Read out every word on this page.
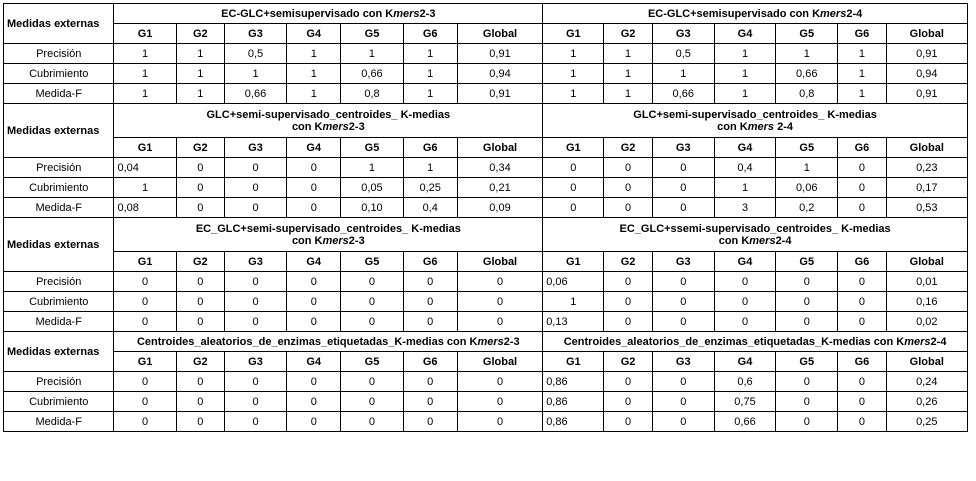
Medidas externas	EC-GLC+semisupervisado con Kmers2-3							EC-GLC+semisupervisado con Kmers2-4						

	G1	G2	G3	G4	G5	G6	Global	G1	G2	G3	G4	G5	G6	Global
Precisión	1	1	0,5	1	1	1	0,91	1	1	0,5	1	1	1	0,91
Cubrimiento	1	1	1	1	0,66	1	0,94	1	1	1	1	0,66	1	0,94
Medida-F	1	1	0,66	1	0,8	1	0,91	1	1	0,66	1	0,8	1	0,91
Medidas externas	GLC+semi-supervisado_centroides_ K-medias
con Kmers2-3							GLC+semi-supervisado_centroides_ K-medias
con Kmers 2-4						

	G1	G2	G3	G4	G5	G6	Global	G1	G2	G3	G4	G5	G6	Global
Precisión	0,04	0	0	0	1	1	0,34	0	0	0	0,4	1	0	0,23
Cubrimiento	1	0	0	0	0,05	0,25	0,21	0	0	0	1	0,06	0	0,17
Medida-F	0,08	0	0	0	0,10	0,4	0,09	0	0	0	3	0,2	0	0,53
Medidas externas	EC_GLC+semi-supervisado_centroides_ K-medias
con Kmers2-3							EC_GLC+ssemi-supervisado_centroides_ K-medias
con Kmers2-4						

	G1	G2	G3	G4	G5	G6	Global	G1	G2	G3	G4	G5	G6	Global
Precisión	0	0	0	0	0	0	0	0,06	0	0	0	0	0	0,01
Cubrimiento	0	0	0	0	0	0	0	1	0	0	0	0	0	0,16
Medida-F	0	0	0	0	0	0	0	0,13	0	0	0	0	0	0,02
Medidas externas	Centroides_aleatorios_de_enzimas_etiquetadas_K-medias con Kmers2-3							Centroides_aleatorios_de_enzimas_etiquetadas_K-medias con Kmers2-4						

	G1	G2	G3	G4	G5	G6	Global	G1	G2	G3	G4	G5	G6	Global
Precisión	0	0	0	0	0	0	0	0,86	0	0	0,6	0	0	0,24
Cubrimiento	0	0	0	0	0	0	0	0,86	0	0	0,75	0	0	0,26
Medida-F	0	0	0	0	0	0	0	0,86	0	0	0,66	0	0	0,25
